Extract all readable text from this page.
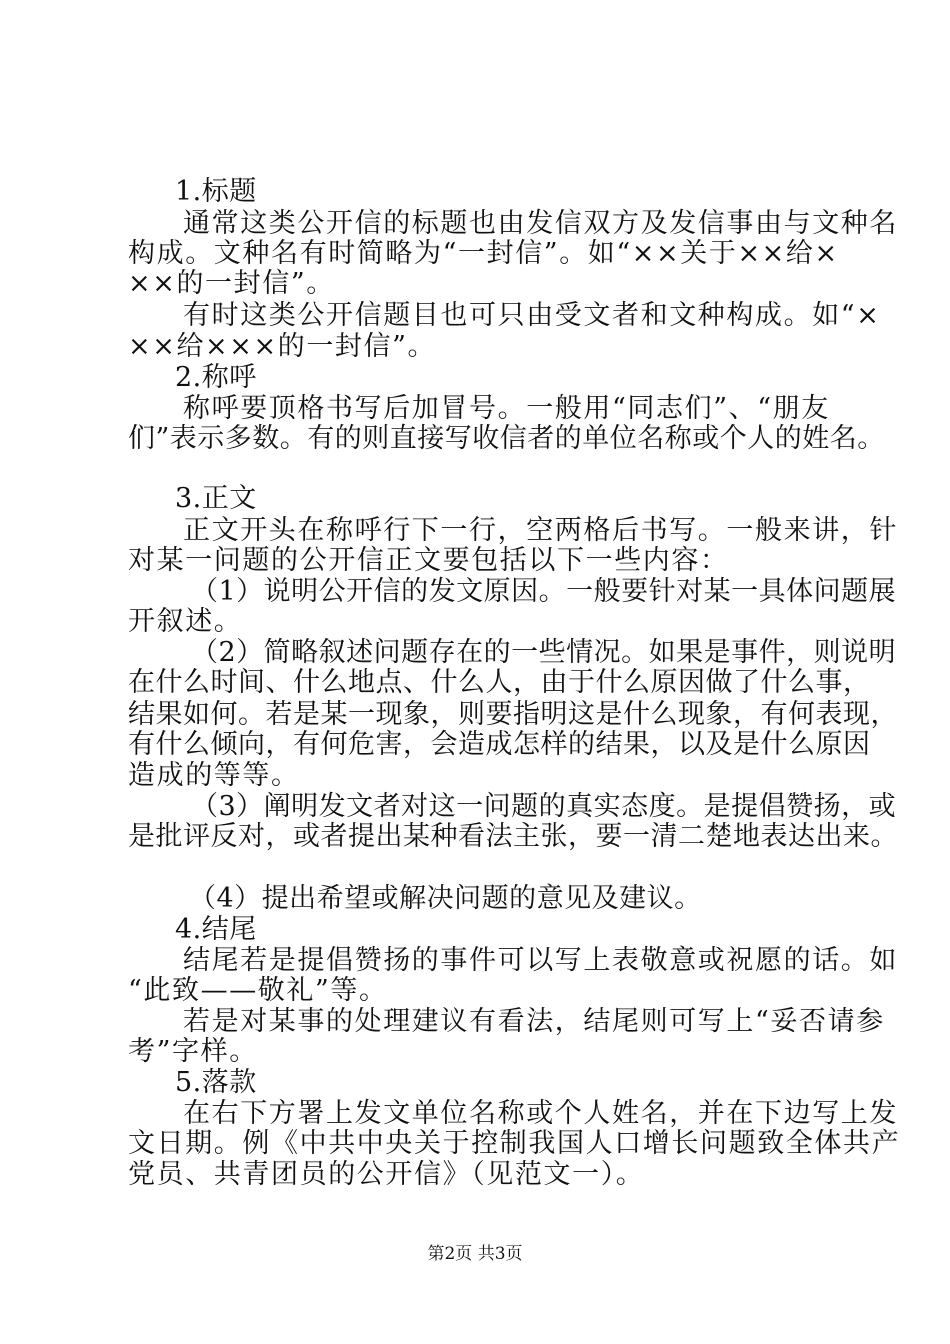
1.标题
通常这类公开信的标题也由发信双方及发信事由与文种名
构成。文种名有时简略为“一封信”。如“××关于××给×
××的一封信”。
有时这类公开信题目也可只由受文者和文种构成。如“×
××给×××的一封信”。
2.称呼
称呼要顶格书写后加冒号。一般用“同志们”、“朋友
们”表示多数。有的则直接写收信者的单位名称或个人的姓名。
3.正文
正文开头在称呼行下一行，空两格后书写。一般来讲，针
对某一问题的公开信正文要包括以下一些内容：
（1）说明公开信的发文原因。一般要针对某一具体问题展
开叙述。
（2）简略叙述问题存在的一些情况。如果是事件，则说明
在什么时间、什么地点、什么人，由于什么原因做了什么事，
结果如何。若是某一现象，则要指明这是什么现象，有何表现，
有什么倾向，有何危害，会造成怎样的结果，以及是什么原因
造成的等等。
（3）阐明发文者对这一问题的真实态度。是提倡赞扬，或
是批评反对，或者提出某种看法主张，要一清二楚地表达出来。
（4）提出希望或解决问题的意见及建议。
4.结尾
结尾若是提倡赞扬的事件可以写上表敬意或祝愿的话。如
“此致——敬礼”等。
若是对某事的处理建议有看法，结尾则可写上“妥否请参
考”字样。
5.落款
在右下方署上发文单位名称或个人姓名，并在下边写上发
文日期。例《中共中央关于控制我国人口增长问题致全体共产
党员、共青团员的公开信》（见范文一）。
第2页 共3页
